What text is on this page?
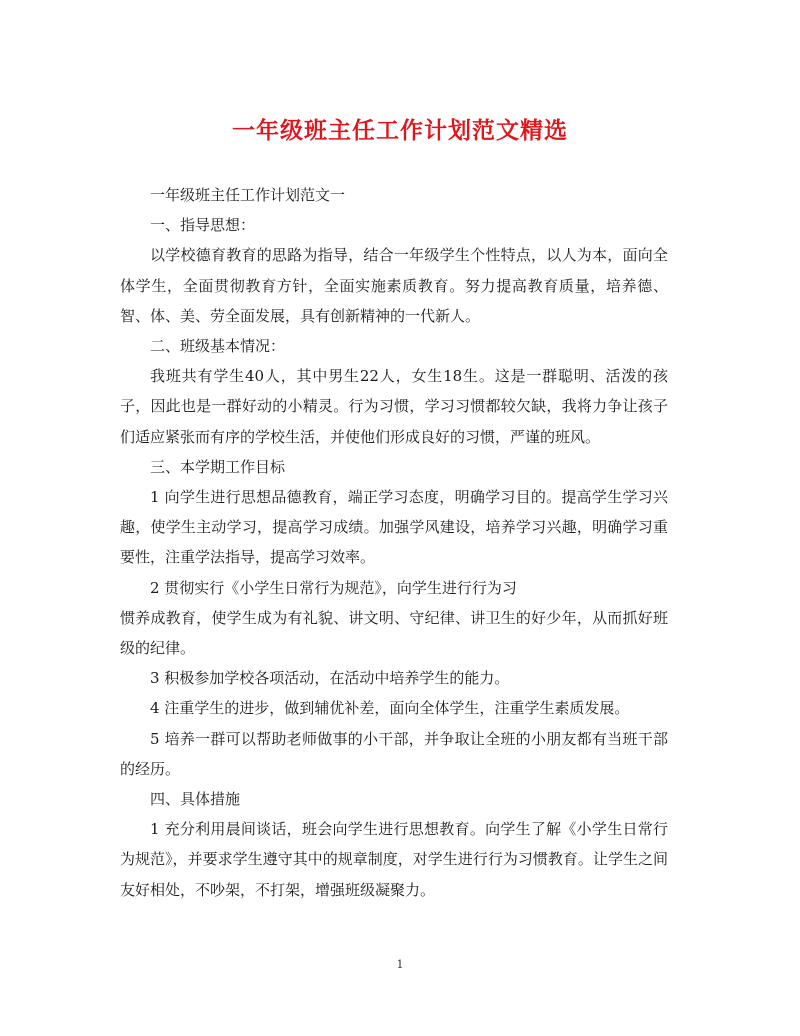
一年级班主任工作计划范文精选

一年级班主任工作计划范文一

一、指导思想：

以学校德育教育的思路为指导，结合一年级学生个性特点，以人为本，面向全体学生，全面贯彻教育方针，全面实施素质教育。努力提高教育质量，培养德、智、体、美、劳全面发展，具有创新精神的一代新人。

二、班级基本情况：

我班共有学生40人，其中男生22人，女生18生。这是一群聪明、活泼的孩子，因此也是一群好动的小精灵。行为习惯，学习习惯都较欠缺，我将力争让孩子们适应紧张而有序的学校生活，并使他们形成良好的习惯，严谨的班风。

三、本学期工作目标

1 向学生进行思想品德教育，端正学习态度，明确学习目的。提高学生学习兴趣，使学生主动学习，提高学习成绩。加强学风建设，培养学习兴趣，明确学习重要性，注重学法指导，提高学习效率。

2 贯彻实行《小学生日常行为规范》，向学生进行行为习

惯养成教育，使学生成为有礼貌、讲文明、守纪律、讲卫生的好少年，从而抓好班级的纪律。

3 积极参加学校各项活动，在活动中培养学生的能力。

4 注重学生的进步，做到辅优补差，面向全体学生，注重学生素质发展。

5 培养一群可以帮助老师做事的小干部，并争取让全班的小朋友都有当班干部的经历。

四、具体措施

1 充分利用晨间谈话，班会向学生进行思想教育。向学生了解《小学生日常行为规范》，并要求学生遵守其中的规章制度，对学生进行行为习惯教育。让学生之间友好相处，不吵架，不打架，增强班级凝聚力。

1
